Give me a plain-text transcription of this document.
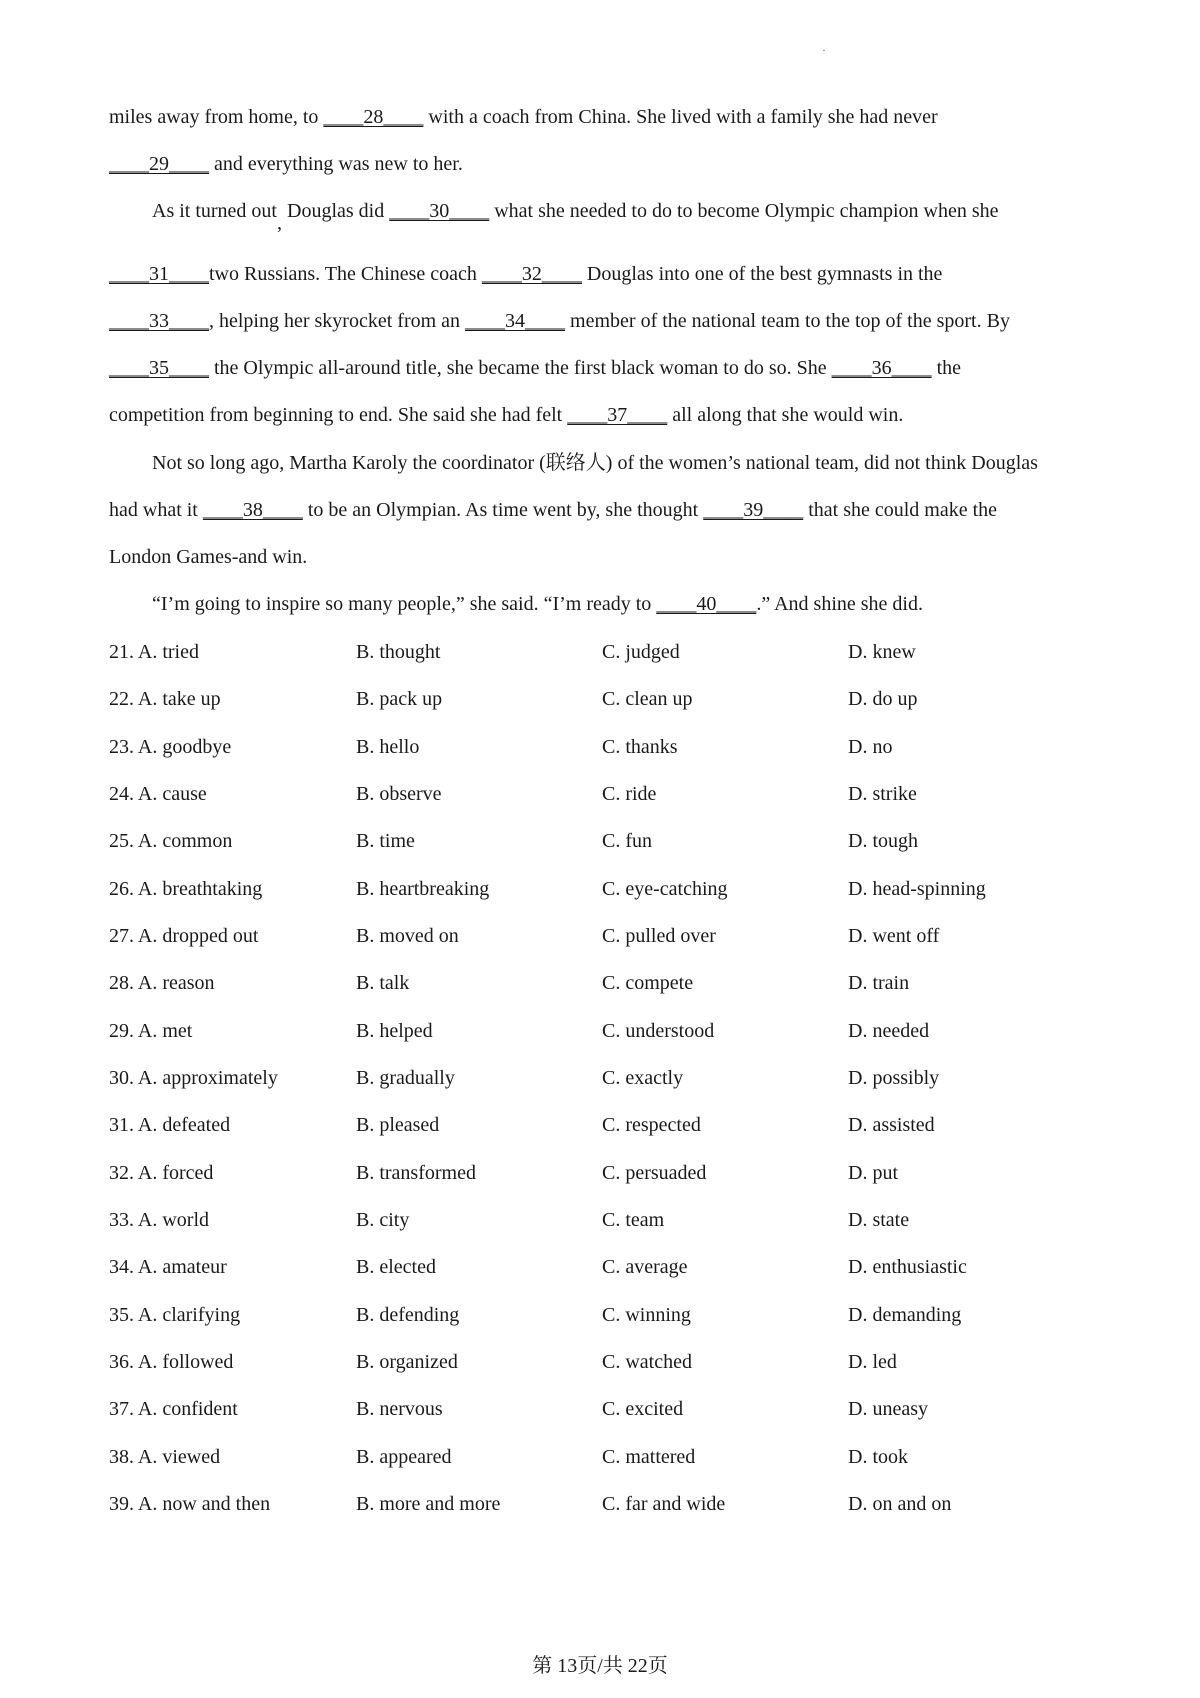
·
miles away from home, to ____28____ with a coach from China. She lived with a family she had never
____29____ and everything was new to her.
As it turned out, Douglas did ____30____ what she needed to do to become Olympic champion when she
____31____two Russians. The Chinese coach ____32____ Douglas into one of the best gymnasts in the
____33____, helping her skyrocket from an ____34____ member of the national team to the top of the sport. By
____35____ the Olympic all-around title, she became the first black woman to do so. She ____36____ the
competition from beginning to end. She said she had felt ____37____ all along that she would win.
Not so long ago, Martha Karoly the coordinator (联络人) of the women’s national team, did not think Douglas
had what it ____38____ to be an Olympian. As time went by, she thought ____39____ that she could make the
London Games-and win.
“I’m going to inspire so many people,” she said. “I’m ready to ____40____.” And shine she did.
21. A. tried	B. thought	C. judged	D. knew
22. A. take up	B. pack up	C. clean up	D. do up
23. A. goodbye	B. hello	C. thanks	D. no
24. A. cause	B. observe	C. ride	D. strike
25. A. common	B. time	C. fun	D. tough
26. A. breathtaking	B. heartbreaking	C. eye-catching	D. head-spinning
27. A. dropped out	B. moved on	C. pulled over	D. went off
28. A. reason	B. talk	C. compete	D. train
29. A. met	B. helped	C. understood	D. needed
30. A. approximately	B. gradually	C. exactly	D. possibly
31. A. defeated	B. pleased	C. respected	D. assisted
32. A. forced	B. transformed	C. persuaded	D. put
33. A. world	B. city	C. team	D. state
34. A. amateur	B. elected	C. average	D. enthusiastic
35. A. clarifying	B. defending	C. winning	D. demanding
36. A. followed	B. organized	C. watched	D. led
37. A. confident	B. nervous	C. excited	D. uneasy
38. A. viewed	B. appeared	C. mattered	D. took
39. A. now and then	B. more and more	C. far and wide	D. on and on
第 13页/共 22页
